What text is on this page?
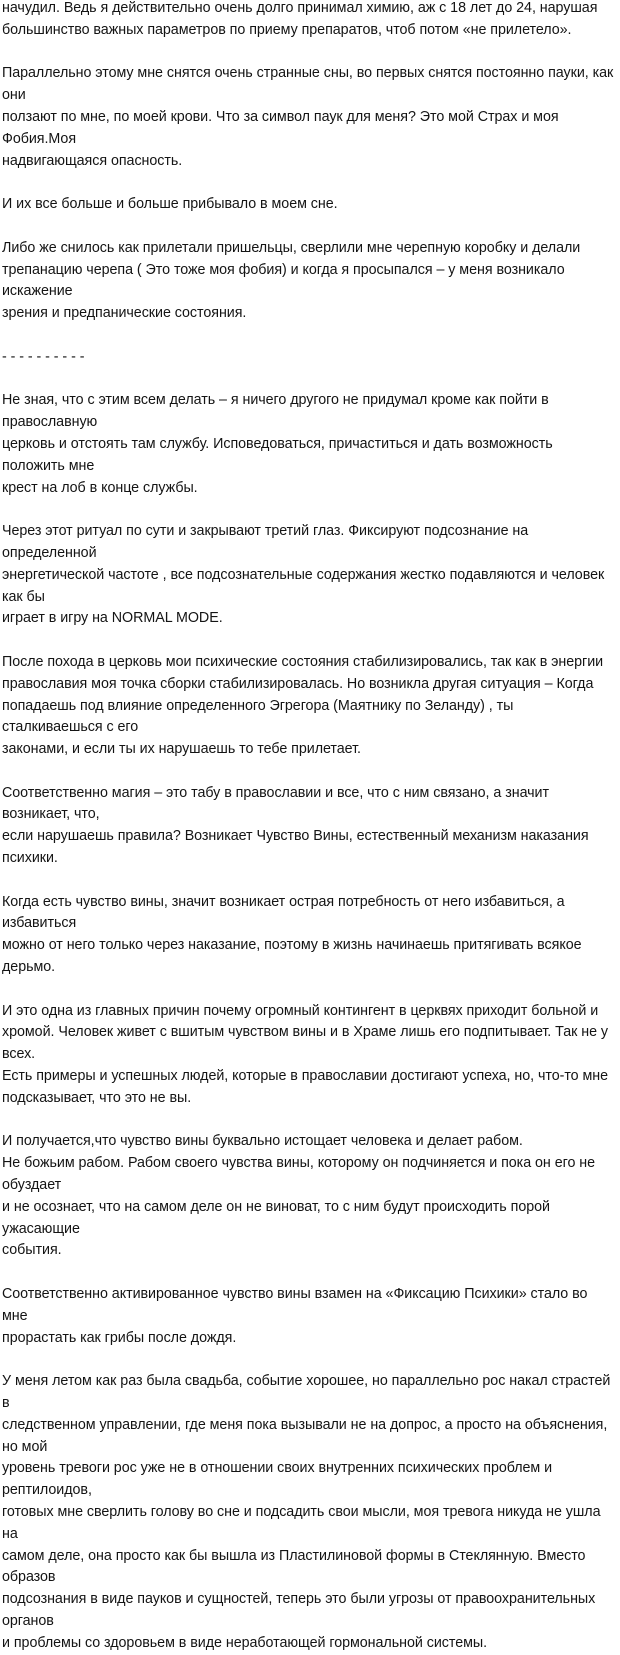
начудил. Ведь я действительно очень долго принимал химию, аж с 18 лет до 24, нарушая
большинство важных параметров по приему препаратов, чтоб потом «не прилетело».

Параллельно этому мне снятся очень странные сны, во первых снятся постоянно пауки, как они
ползают по мне, по моей крови. Что за символ паук для меня? Это мой Страх и моя Фобия.Моя
надвигающаяся опасность.

И их все больше и больше прибывало в моем сне.

Либо же снилось как прилетали пришельцы, сверлили мне черепную коробку и делали
трепанацию черепа ( Это тоже моя фобия) и когда я просыпался – у меня возникало искажение
зрения и предпанические состояния.

- - - - - - - - - -

Не зная, что с этим всем делать – я ничего другого не придумал кроме как пойти в православную
церковь и отстоять там службу. Исповедоваться, причаститься и дать возможность положить мне
крест на лоб в конце службы.

Через этот ритуал по сути и закрывают третий глаз. Фиксируют подсознание на определенной
энергетической частоте , все подсознательные содержания жестко подавляются и человек как бы
играет в игру на NORMAL MODE.

После похода в церковь мои психические состояния стабилизировались, так как в энергии
православия моя точка сборки стабилизировалась. Но возникла другая ситуация – Когда
попадаешь под влияние определенного Эгрегора (Маятнику по Зеланду) , ты сталкиваешься с его
законами, и если ты их нарушаешь то тебе прилетает.

Соответственно магия – это табу в православии и все, что с ним связано, а значит возникает, что,
если нарушаешь правила? Возникает Чувство Вины, естественный механизм наказания психики.

Когда есть чувство вины, значит возникает острая потребность от него избавиться, а избавиться
можно от него только через наказание, поэтому в жизнь начинаешь притягивать всякое дерьмо.

И это одна из главных причин почему огромный контингент в церквях приходит больной и
хромой. Человек живет с вшитым чувством вины и в Храме лишь его подпитывает. Так не у всех.
Есть примеры и успешных людей, которые в православии достигают успеха, но, что-то мне
подсказывает, что это не вы.

И получается,что чувство вины буквально истощает человека и делает рабом.
Не божьим рабом. Рабом своего чувства вины, которому он подчиняется и пока он его не обуздает
и не осознает, что на самом деле он не виноват, то с ним будут происходить порой ужасающие
события.

Соответственно активированное чувство вины взамен на «Фиксацию Психики» стало во мне
прорастать как грибы после дождя.

У меня летом как раз была свадьба, событие хорошее, но параллельно рос накал страстей в
следственном управлении, где меня пока вызывали не на допрос, а просто на объяснения, но мой
уровень тревоги рос уже не в отношении своих внутренних психических проблем и рептилоидов,
готовых мне сверлить голову во сне и подсадить свои мысли, моя тревога никуда не ушла на
самом деле, она просто как бы вышла из Пластилиновой формы в Стеклянную. Вместо образов
подсознания в виде пауков и сущностей, теперь это были угрозы от правоохранительных органов
и проблемы со здоровьем в виде неработающей гормональной системы.
